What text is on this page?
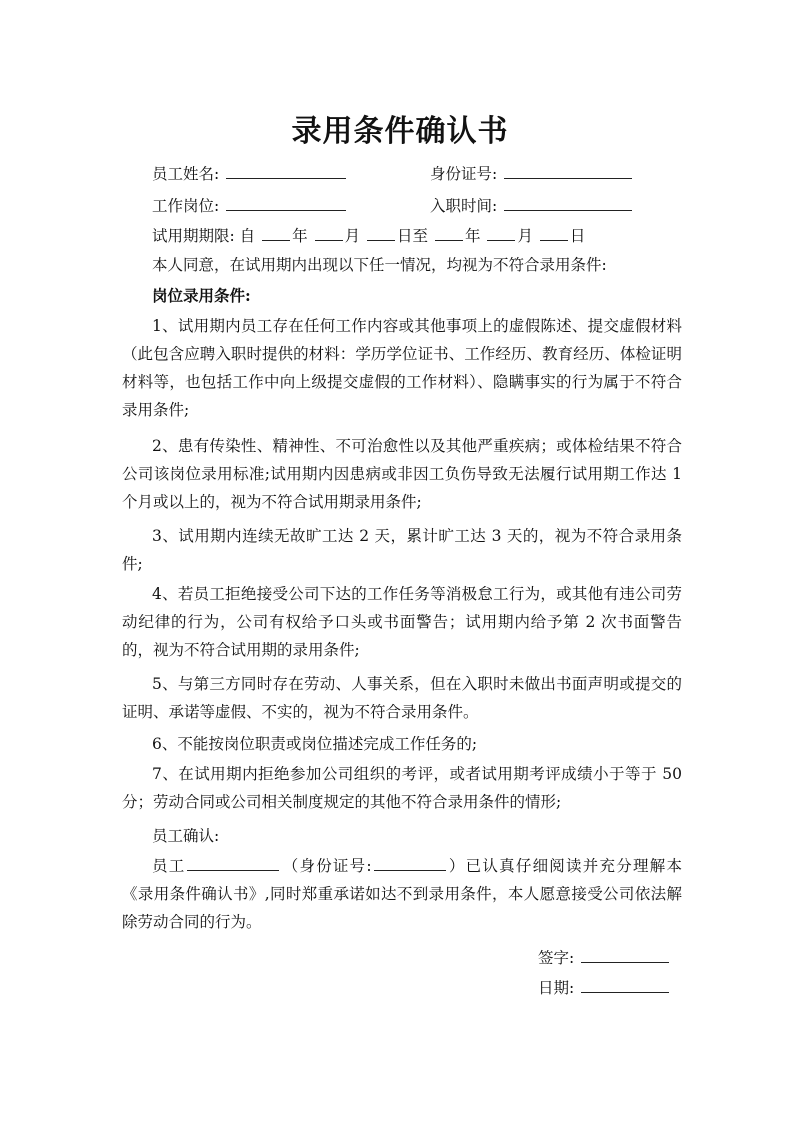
录用条件确认书
员工姓名:	身份证号:
工作岗位:	入职时间:
试用期期限: 自 年 月 日至 年 月 日
本人同意，在试用期内出现以下任一情况，均视为不符合录用条件:
岗位录用条件:
1、试用期内员工存在任何工作内容或其他事项上的虚假陈述、提交虚假材料（此包含应聘入职时提供的材料：学历学位证书、工作经历、教育经历、体检证明材料等，也包括工作中向上级提交虚假的工作材料）、隐瞒事实的行为属于不符合录用条件;
2、患有传染性、精神性、不可治愈性以及其他严重疾病；或体检结果不符合公司该岗位录用标准;试用期内因患病或非因工负伤导致无法履行试用期工作达 1 个月或以上的，视为不符合试用期录用条件;
3、试用期内连续无故旷工达 2 天，累计旷工达 3 天的，视为不符合录用条件;
4、若员工拒绝接受公司下达的工作任务等消极怠工行为，或其他有违公司劳动纪律的行为，公司有权给予口头或书面警告；试用期内给予第 2 次书面警告的，视为不符合试用期的录用条件;
5、与第三方同时存在劳动、人事关系，但在入职时未做出书面声明或提交的证明、承诺等虚假、不实的，视为不符合录用条件。
6、不能按岗位职责或岗位描述完成工作任务的;
7、在试用期内拒绝参加公司组织的考评，或者试用期考评成绩小于等于 50 分；劳动合同或公司相关制度规定的其他不符合录用条件的情形;
员工确认:
员工	（身份证号:	）已认真仔细阅读并充分理解本《录用条件确认书》,同时郑重承诺如达不到录用条件，本人愿意接受公司依法解除劳动合同的行为。
签字:
日期:
